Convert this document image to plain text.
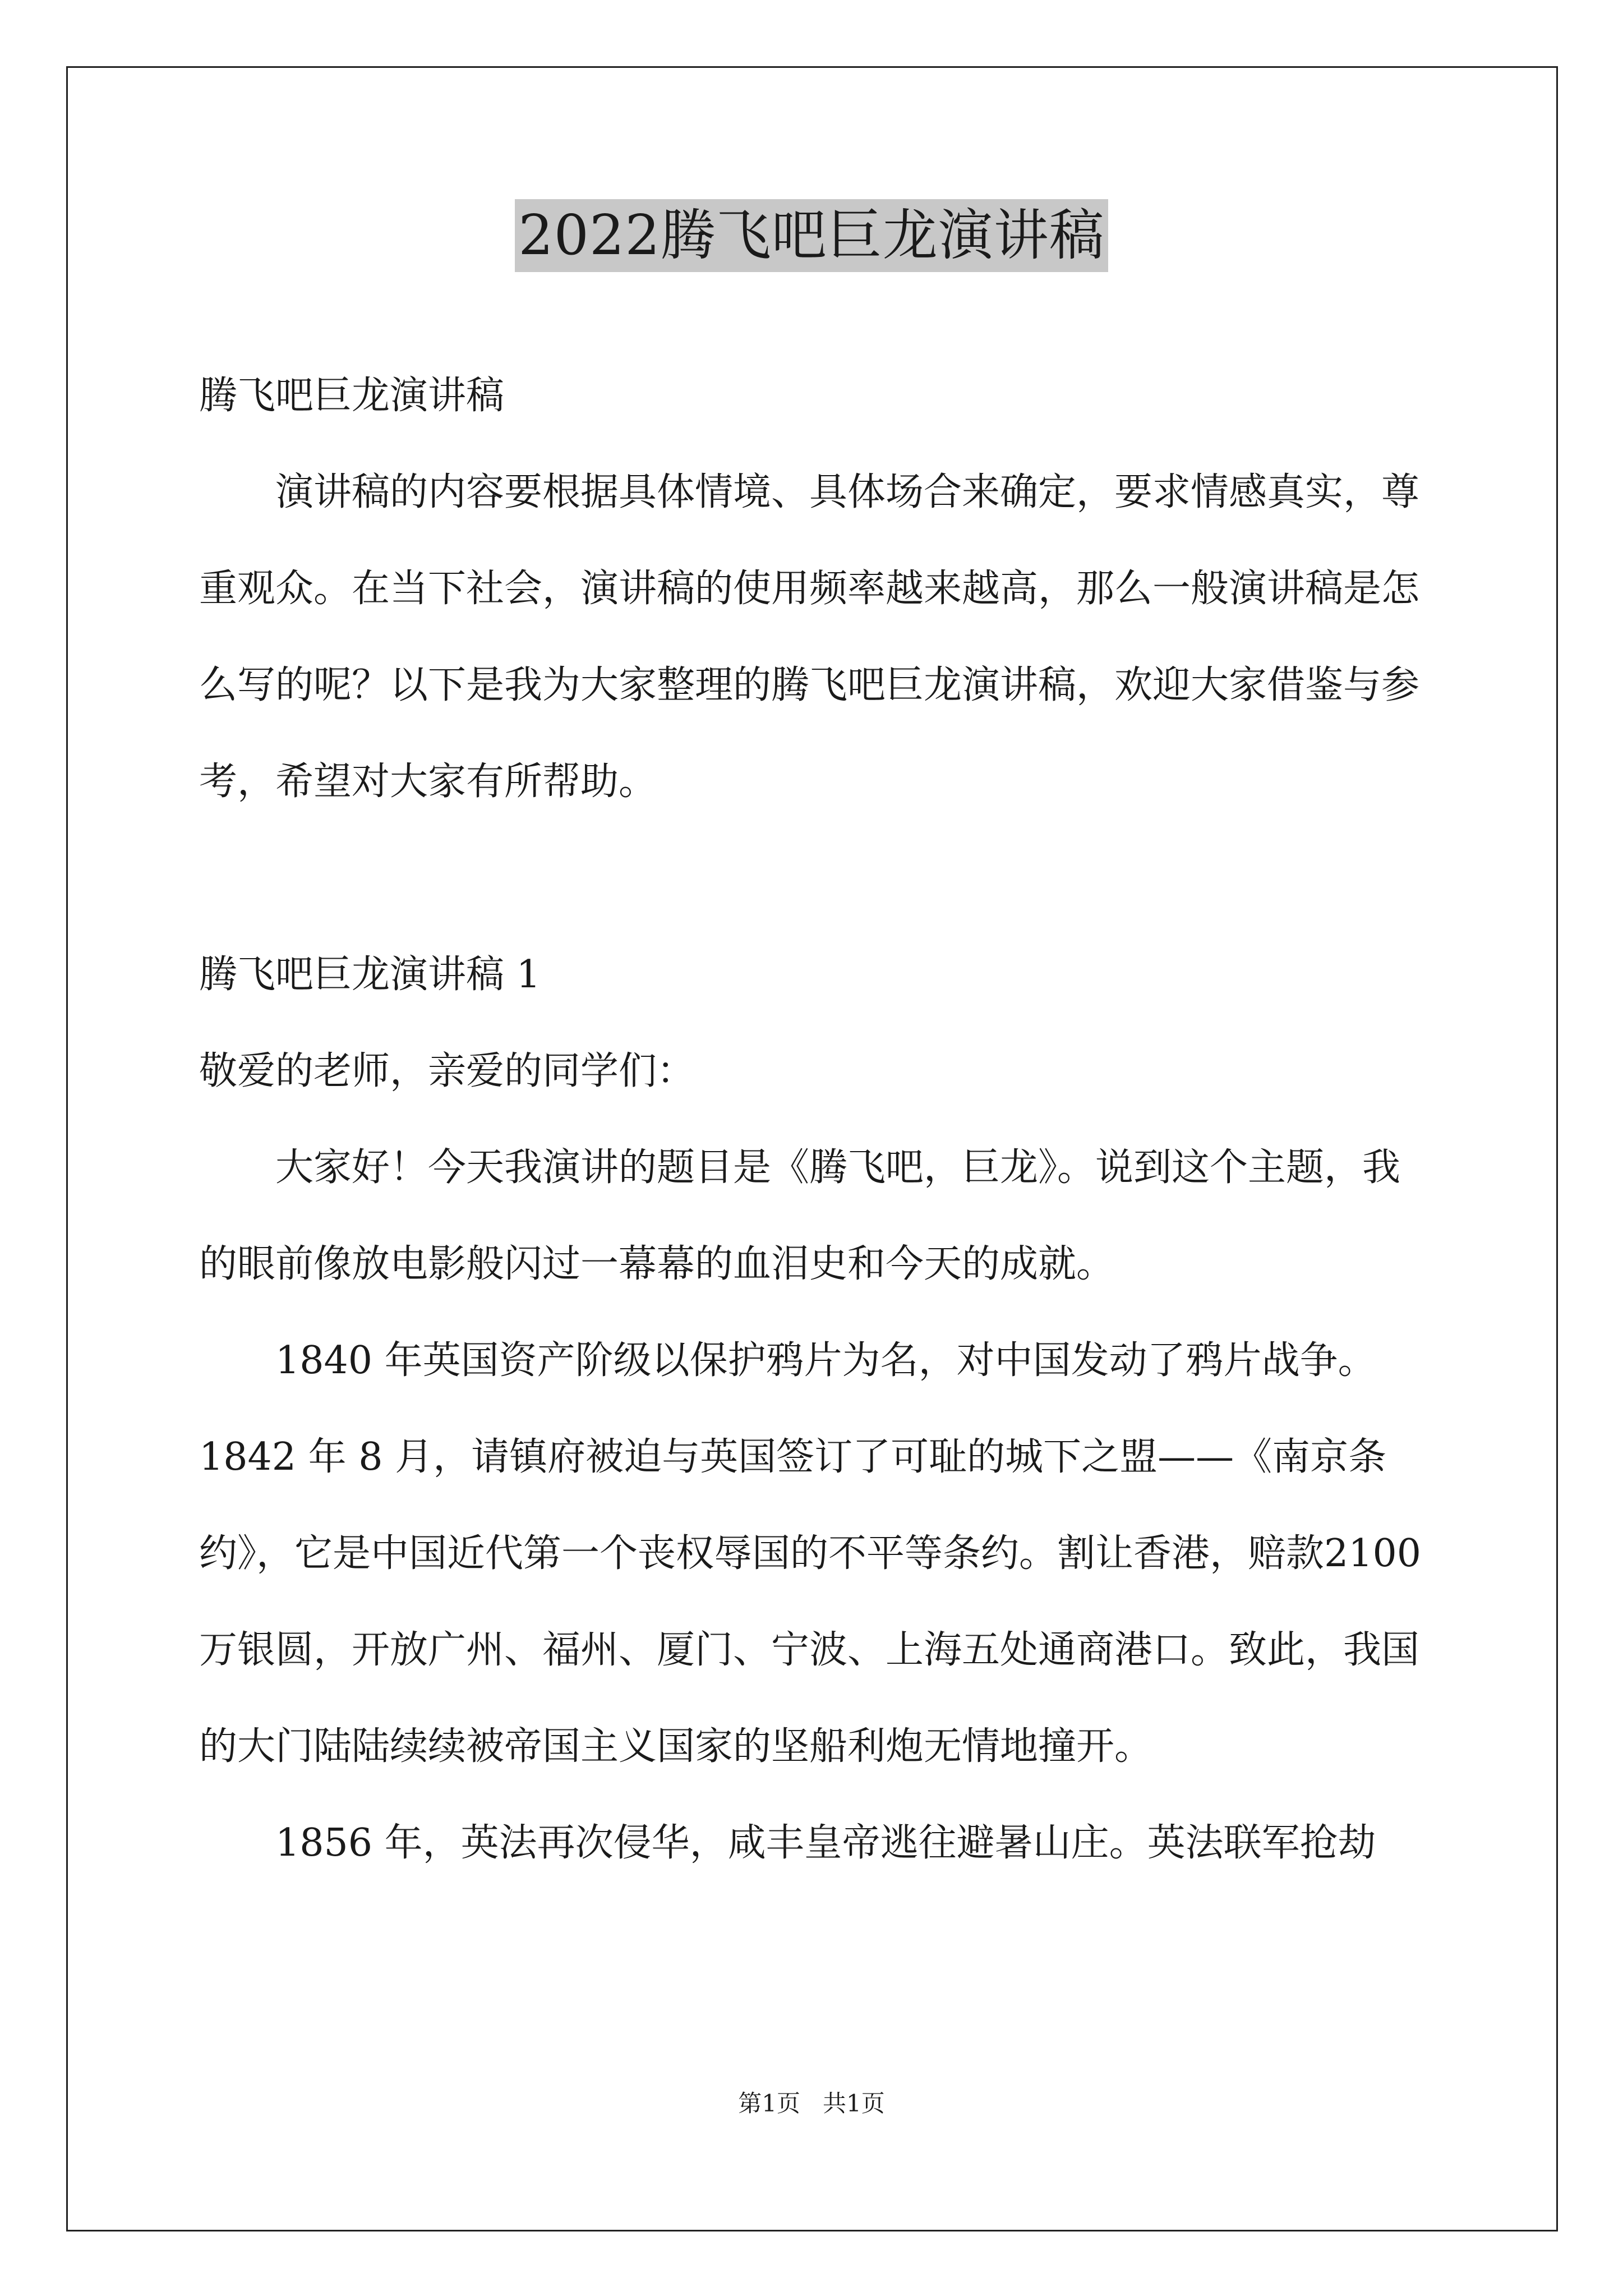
2022腾飞吧巨龙演讲稿

腾飞吧巨龙演讲稿

演讲稿的内容要根据具体情境、具体场合来确定，要求情感真实，尊重观众。在当下社会，演讲稿的使用频率越来越高，那么一般演讲稿是怎么写的呢？以下是我为大家整理的腾飞吧巨龙演讲稿，欢迎大家借鉴与参考，希望对大家有所帮助。

腾飞吧巨龙演讲稿 1

敬爱的老师，亲爱的同学们：

大家好！今天我演讲的题目是《腾飞吧，巨龙》。说到这个主题，我的眼前像放电影般闪过一幕幕的血泪史和今天的成就。

1840 年英国资产阶级以保护鸦片为名，对中国发动了鸦片战争。1842 年 8 月，请镇府被迫与英国签订了可耻的城下之盟——《南京条约》，它是中国近代第一个丧权辱国的不平等条约。割让香港，赔款2100 万银圆，开放广州、福州、厦门、宁波、上海五处通商港口。致此，我国的大门陆陆续续被帝国主义国家的坚船利炮无情地撞开。

1856 年，英法再次侵华，咸丰皇帝逃往避暑山庄。英法联军抢劫

第1页 共1页
